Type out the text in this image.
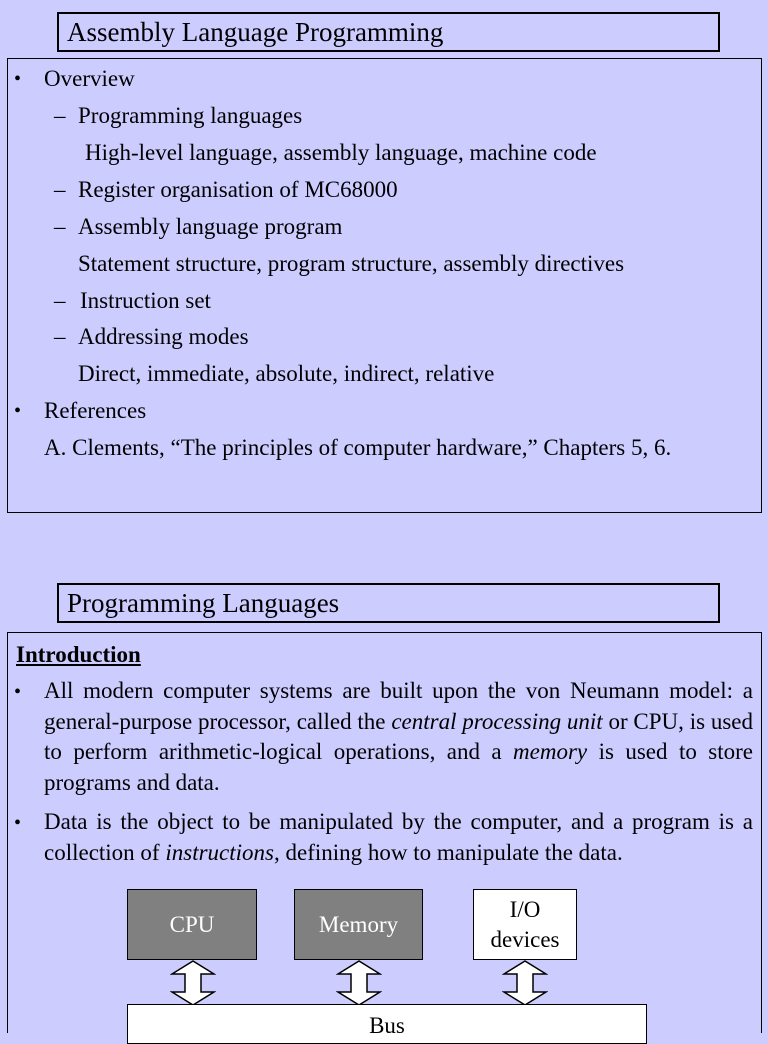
Assembly Language Programming
• Overview
– Programming languages
High-level language, assembly language, machine code
– Register organisation of MC68000
– Assembly language program
Statement structure, program structure, assembly directives
– Instruction set
– Addressing modes
Direct, immediate, absolute, indirect, relative
• References
A. Clements, “The principles of computer hardware,” Chapters 5, 6.
Programming Languages
Introduction
• All modern computer systems are built upon the von Neumann model: a general-purpose processor, called the central processing unit or CPU, is used to perform arithmetic-logical operations, and a memory is used to store programs and data.
• Data is the object to be manipulated by the computer, and a program is a collection of instructions, defining how to manipulate the data.
CPU	Memory
I/O
devices
Bus
